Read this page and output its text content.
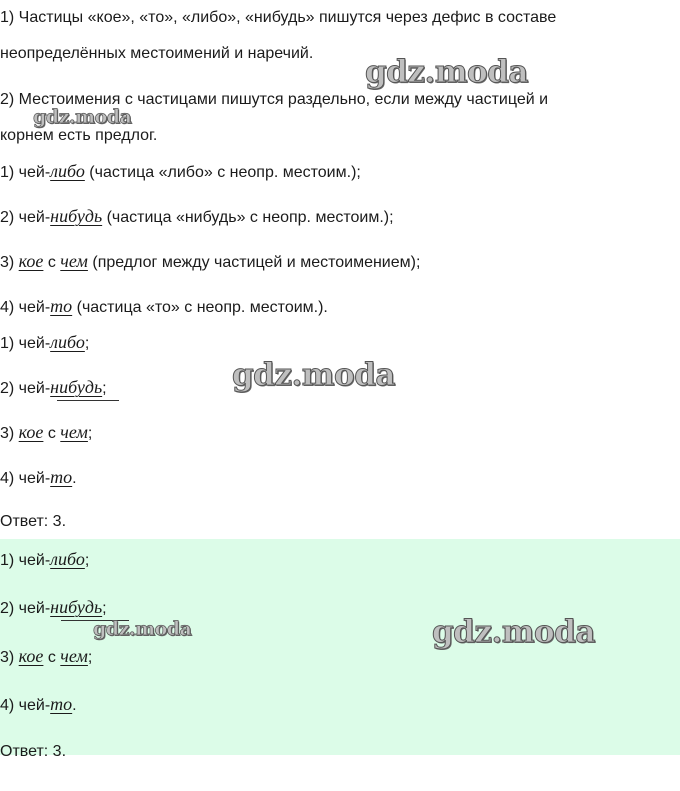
1) Частицы «кое», «то», «либо», «нибудь» пишутся через дефис в составе
неопределённых местоимений и наречий.
2) Местоимения с частицами пишутся раздельно, если между частицей и
корнем есть предлог.
1) чей-либо (частица «либо» с неопр. местоим.);
2) чей-нибудь (частица «нибудь» с неопр. местоим.);
3) кое с чем (предлог между частицей и местоимением);
4) чей-то (частица «то» с неопр. местоим.).
1) чей-либо;
2) чей-нибудь;
3) кое с чем;
4) чей-то.
Ответ: 3.
1) чей-либо;
2) чей-нибудь;
3) кое с чем;
4) чей-то.
Ответ: 3.
gdz.moda
gdz.moda
gdz.moda
gdz.moda	gdz.moda
